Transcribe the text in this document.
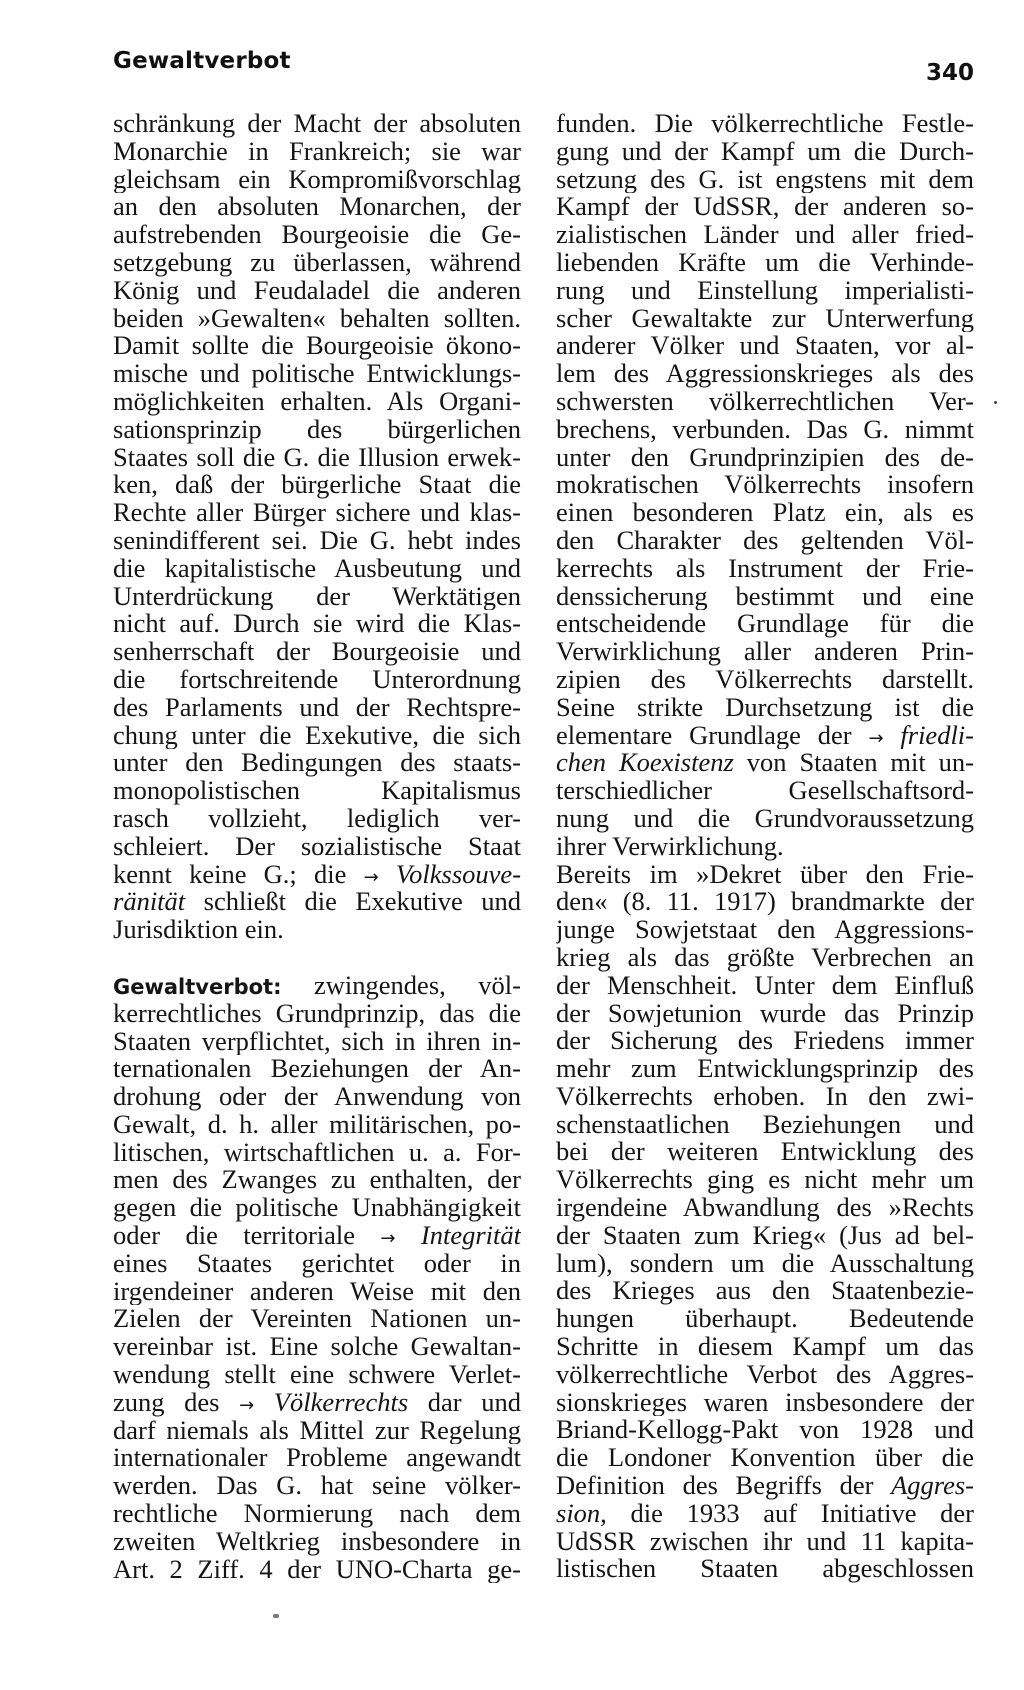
Gewaltverbot	340
schränkung der Macht der absoluten
Monarchie in Frankreich; sie war
gleichsam ein Kompromißvorschlag
an den absoluten Monarchen, der
aufstrebenden Bourgeoisie die Ge-
setzgebung zu überlassen, während
König und Feudaladel die anderen
beiden »Gewalten« behalten sollten.
Damit sollte die Bourgeoisie ökono-
mische und politische Entwicklungs-
möglichkeiten erhalten. Als Organi-
sationsprinzip des bürgerlichen
Staates soll die G. die Illusion erwek-
ken, daß der bürgerliche Staat die
Rechte aller Bürger sichere und klas-
senindifferent sei. Die G. hebt indes
die kapitalistische Ausbeutung und
Unterdrückung der Werktätigen
nicht auf. Durch sie wird die Klas-
senherrschaft der Bourgeoisie und
die fortschreitende Unterordnung
des Parlaments und der Rechtspre-
chung unter die Exekutive, die sich
unter den Bedingungen des staats-
monopolistischen Kapitalismus
rasch vollzieht, lediglich ver-
schleiert. Der sozialistische Staat
kennt keine G.; die → Volkssouve-
ränität schließt die Exekutive und
Jurisdiktion ein.
Gewaltverbot: zwingendes, völ-
kerrechtliches Grundprinzip, das die
Staaten verpflichtet, sich in ihren in-
ternationalen Beziehungen der An-
drohung oder der Anwendung von
Gewalt, d. h. aller militärischen, po-
litischen, wirtschaftlichen u. a. For-
men des Zwanges zu enthalten, der
gegen die politische Unabhängigkeit
oder die territoriale → Integrität
eines Staates gerichtet oder in
irgendeiner anderen Weise mit den
Zielen der Vereinten Nationen un-
vereinbar ist. Eine solche Gewaltan-
wendung stellt eine schwere Verlet-
zung des → Völkerrechts dar und
darf niemals als Mittel zur Regelung
internationaler Probleme angewandt
werden. Das G. hat seine völker-
rechtliche Normierung nach dem
zweiten Weltkrieg insbesondere in
Art. 2 Ziff. 4 der UNO-Charta ge-
funden. Die völkerrechtliche Festle-
gung und der Kampf um die Durch-
setzung des G. ist engstens mit dem
Kampf der UdSSR, der anderen so-
zialistischen Länder und aller fried-
liebenden Kräfte um die Verhinde-
rung und Einstellung imperialisti-
scher Gewaltakte zur Unterwerfung
anderer Völker und Staaten, vor al-
lem des Aggressionskrieges als des
schwersten völkerrechtlichen Ver-
brechens, verbunden. Das G. nimmt
unter den Grundprinzipien des de-
mokratischen Völkerrechts insofern
einen besonderen Platz ein, als es
den Charakter des geltenden Völ-
kerrechts als Instrument der Frie-
denssicherung bestimmt und eine
entscheidende Grundlage für die
Verwirklichung aller anderen Prin-
zipien des Völkerrechts darstellt.
Seine strikte Durchsetzung ist die
elementare Grundlage der → friedli-
chen Koexistenz von Staaten mit un-
terschiedlicher Gesellschaftsord-
nung und die Grundvoraussetzung
ihrer Verwirklichung.
Bereits im »Dekret über den Frie-
den« (8. 11. 1917) brandmarkte der
junge Sowjetstaat den Aggressions-
krieg als das größte Verbrechen an
der Menschheit. Unter dem Einfluß
der Sowjetunion wurde das Prinzip
der Sicherung des Friedens immer
mehr zum Entwicklungsprinzip des
Völkerrechts erhoben. In den zwi-
schenstaatlichen Beziehungen und
bei der weiteren Entwicklung des
Völkerrechts ging es nicht mehr um
irgendeine Abwandlung des »Rechts
der Staaten zum Krieg« (Jus ad bel-
lum), sondern um die Ausschaltung
des Krieges aus den Staatenbezie-
hungen überhaupt. Bedeutende
Schritte in diesem Kampf um das
völkerrechtliche Verbot des Aggres-
sionskrieges waren insbesondere der
Briand-Kellogg-Pakt von 1928 und
die Londoner Konvention über die
Definition des Begriffs der Aggres-
sion, die 1933 auf Initiative der
UdSSR zwischen ihr und 11 kapita-
listischen Staaten abgeschlossen
